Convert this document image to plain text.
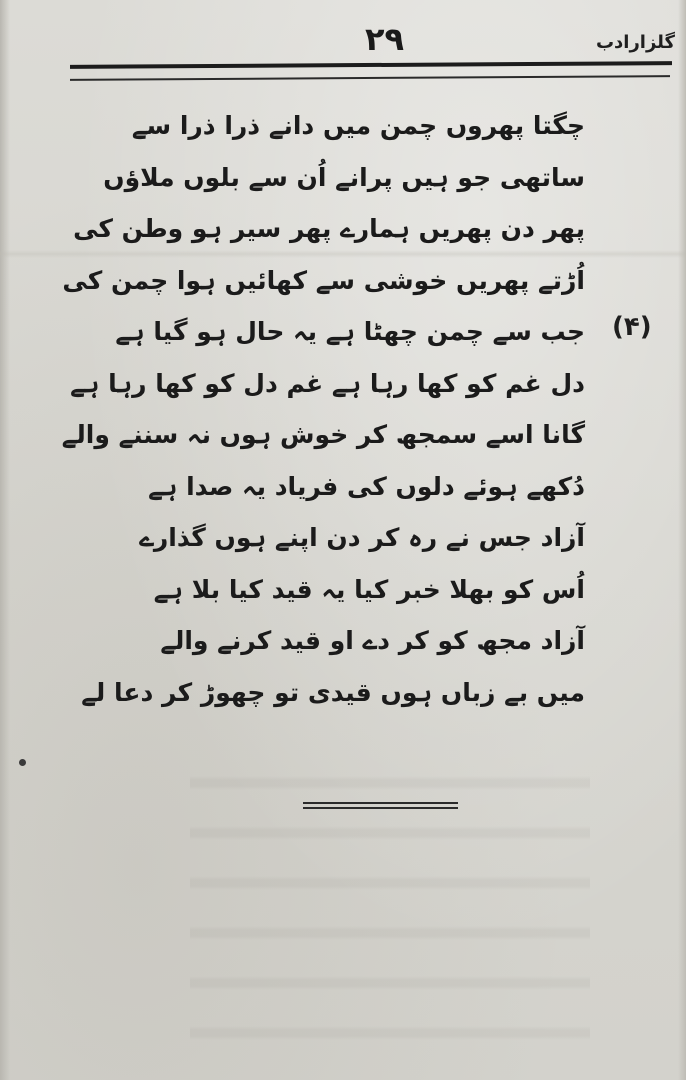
۲۹	گلزارادب
(۴)
چگتا پھروں چمن میں دانے ذرا ذرا سے
ساتھی جو ہیں پرانے اُن سے بلوں ملاؤں
پھر دن پھریں ہمارے پھر سیر ہو وطن کی
اُڑتے پھریں خوشی سے کھائیں ہوا چمن کی
جب سے چمن چھٹا ہے یہ حال ہو گیا ہے
دل غم کو کھا رہا ہے غم دل کو کھا رہا ہے
گانا اسے سمجھ کر خوش ہوں نہ سننے والے
دُکھے ہوئے دلوں کی فریاد یہ صدا ہے
آزاد جس نے رہ کر دن اپنے ہوں گذارے
اُس کو بھلا خبر کیا یہ قید کیا بلا ہے
آزاد مجھ کو کر دے او قید کرنے والے
میں بے زباں ہوں قیدی تو چھوڑ کر دعا لے
